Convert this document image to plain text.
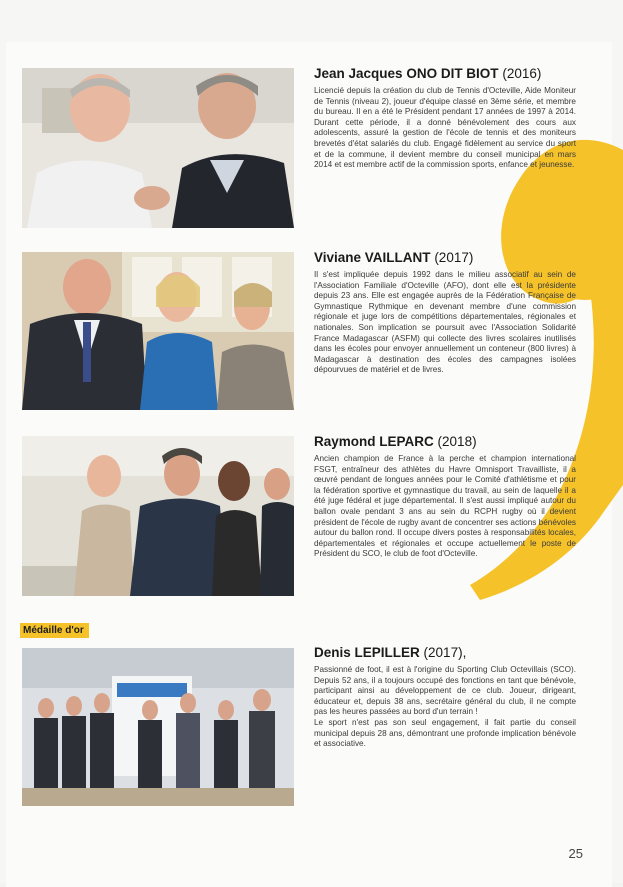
Médaille d'or
Jean Jacques ONO DIT BIOT (2016)
Licencié depuis la création du club de Tennis d'Octeville, Aide Moniteur de Tennis (niveau 2), joueur d'équipe classé en 3ème série, et membre du bureau. Il en a été le Président pendant 17 années de 1997 à 2014. Durant cette période, il a donné bénévolement des cours aux adolescents, assuré la gestion de l'école de tennis et des moniteurs brevetés d'état salariés du club. Engagé fidèlement au service du sport et de la commune, il devient membre du conseil municipal en mars 2014 et est membre actif de la commission sports, enfance et jeunesse.
Viviane VAILLANT (2017)
Il s'est impliquée depuis 1992 dans le milieu associatif au sein de l'Association Familiale d'Octeville (AFO), dont elle est la présidente depuis 23 ans. Elle est engagée auprès de la Fédération Française de Gymnastique Rythmique en devenant membre d'une commission régionale et juge lors de compétitions départementales, régionales et nationales. Son implication se poursuit avec l'Association Solidarité France Madagascar (ASFM) qui collecte des livres scolaires inutilisés dans les écoles pour envoyer annuellement un conteneur (800 livres) à Madagascar à destination des écoles des campagnes isolées dépourvues de matériel et de livres.
Raymond LEPARC (2018)
Ancien champion de France à la perche et champion international FSGT, entraîneur des athlètes du Havre Omnisport Travailliste, il a œuvré pendant de longues années pour le Comité d'athlétisme et pour la fédération sportive et gymnastique du travail, au sein de laquelle il a été juge fédéral et juge départemental. Il s'est aussi impliqué autour du ballon ovale pendant 3 ans au sein du RCPH rugby où il devient président de l'école de rugby avant de concentrer ses actions bénévoles autour du ballon rond. Il occupe divers postes à responsabilités locales, départementales et régionales et occupe actuellement le poste de Président du SCO, le club de foot d'Octeville.
Denis LEPILLER (2017),

Passionné de foot, il est à l'origine du Sporting Club Octevillais (SCO). Depuis 52 ans, il a toujours occupé des fonctions en tant que bénévole, participant ainsi au développement de ce club. Joueur, dirigeant, éducateur et, depuis 38 ans, secrétaire général du club, il ne compte pas les heures passées au bord d'un terrain !

Le sport n'est pas son seul engagement, il fait partie du conseil municipal depuis 28 ans, démontrant une profonde implication bénévole et associative.

25
